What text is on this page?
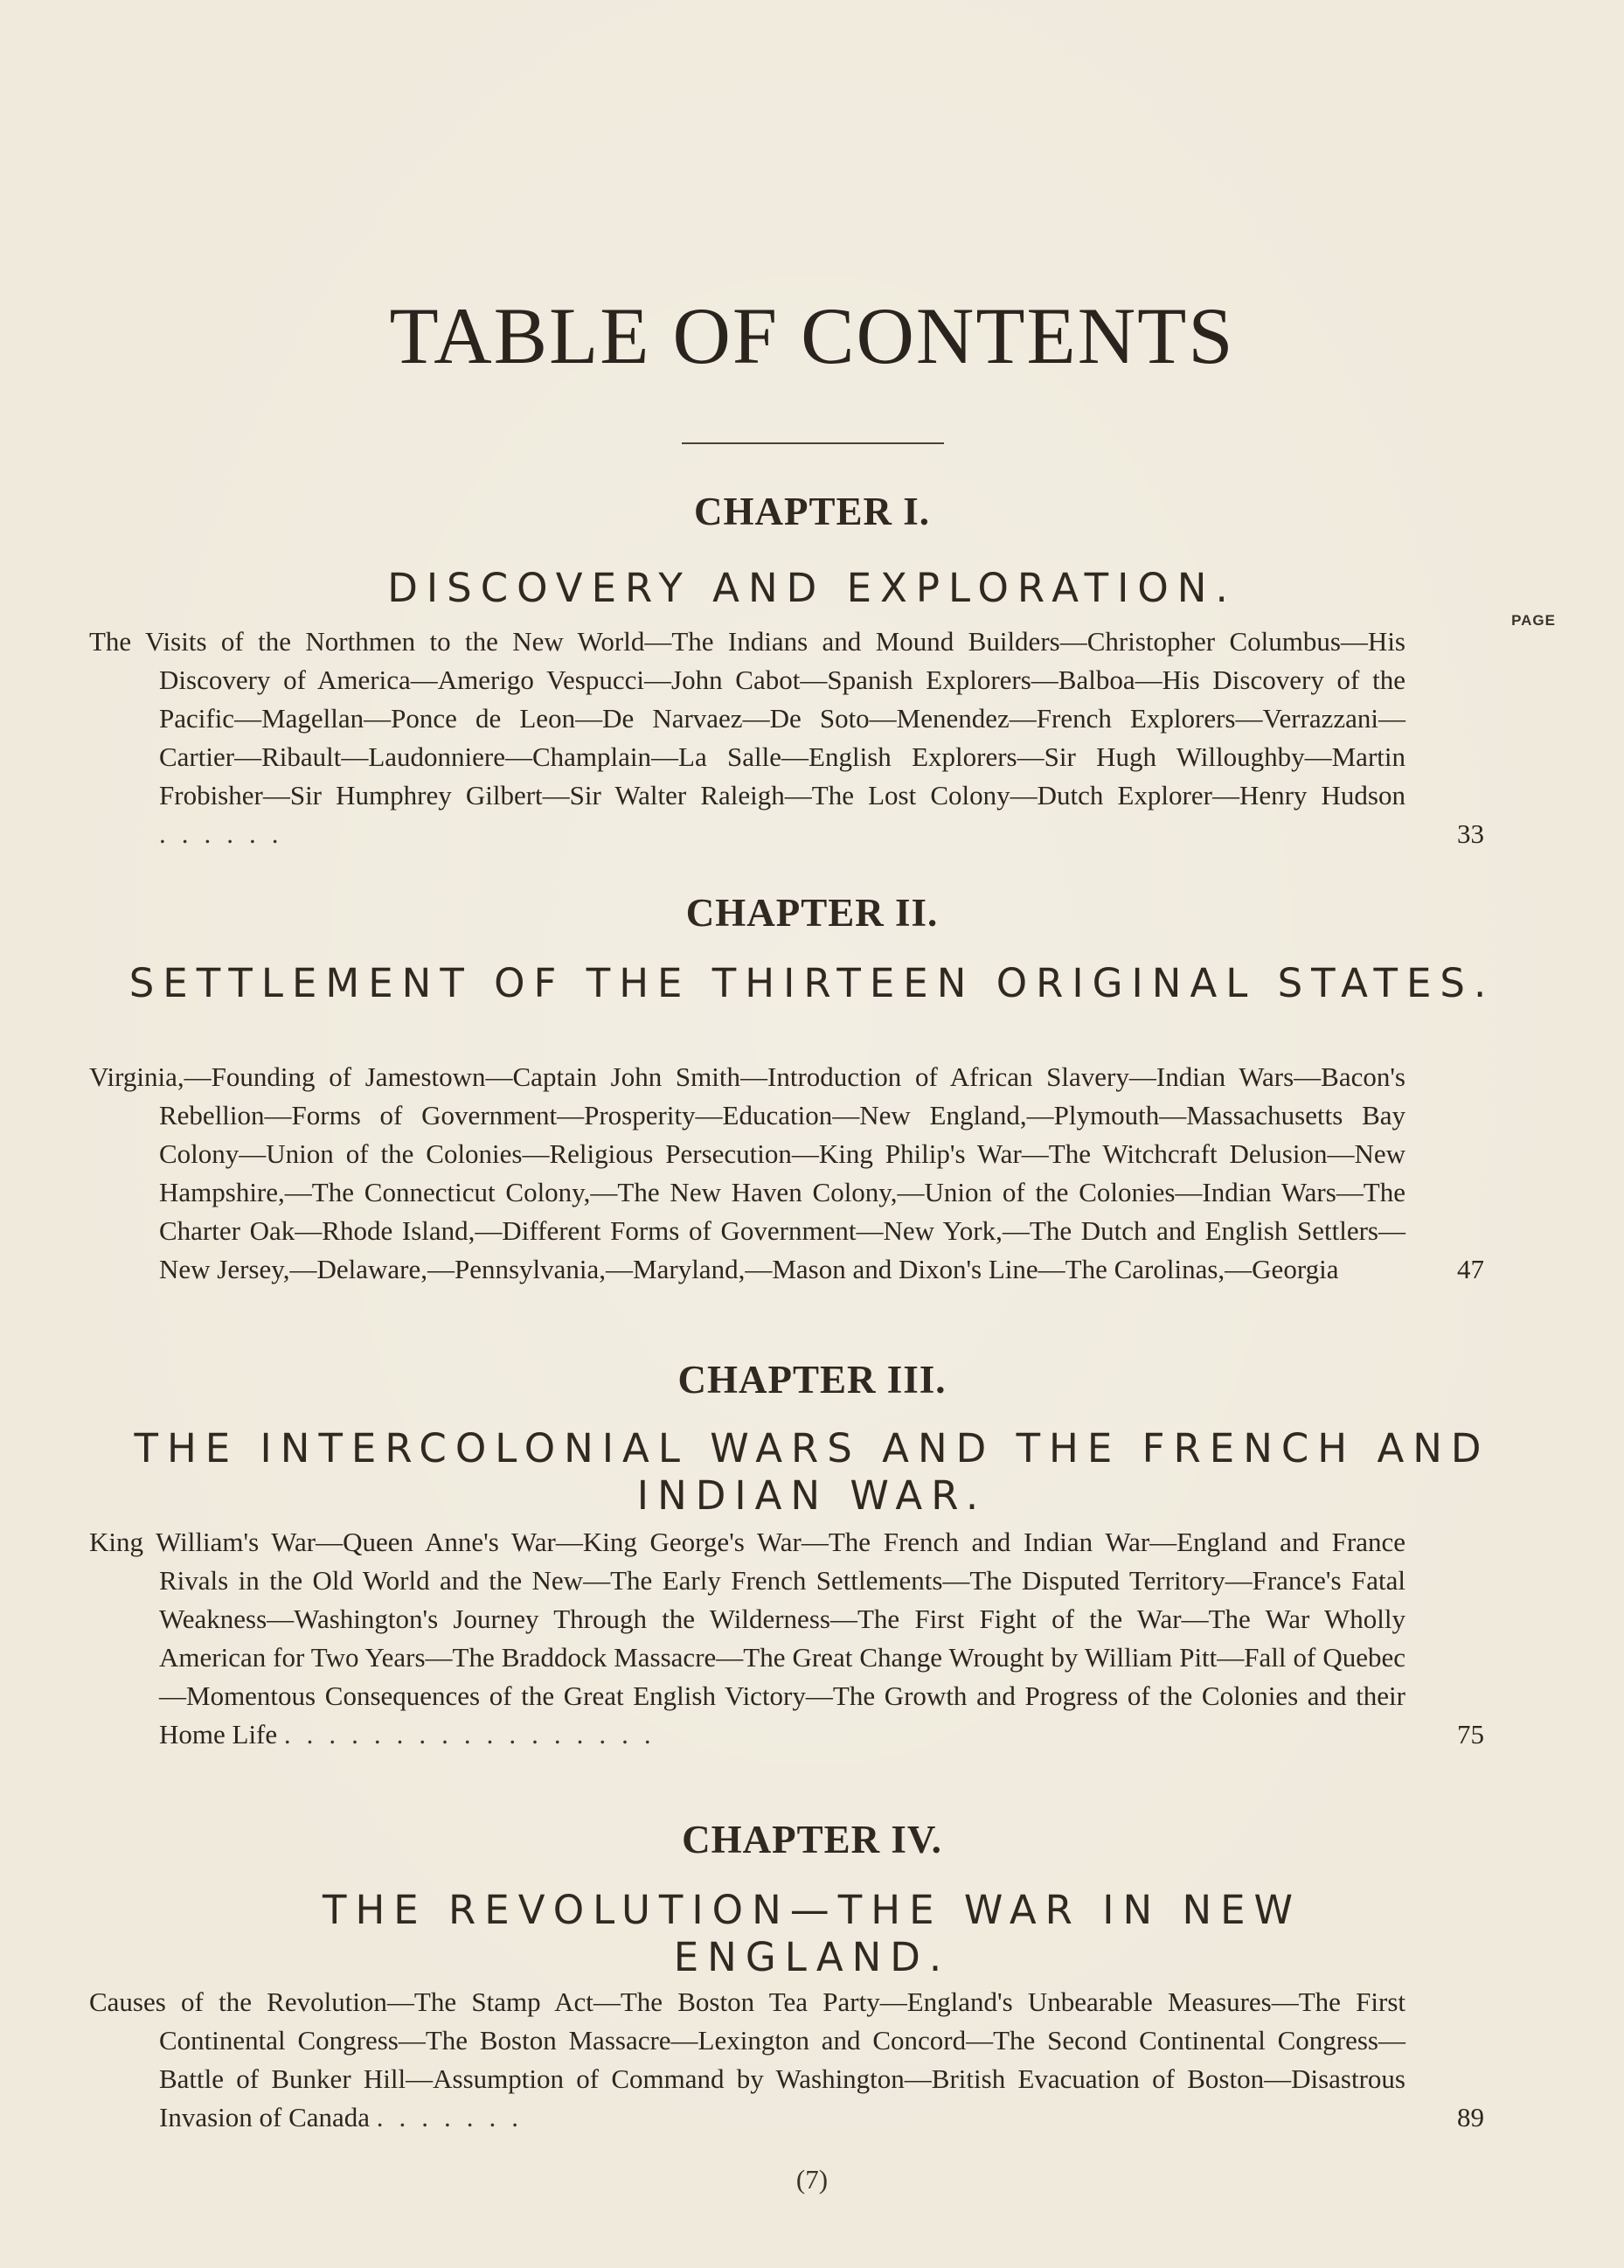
TABLE OF CONTENTS
CHAPTER I.
DISCOVERY AND EXPLORATION.
PAGE

The Visits of the Northmen to the New World—The Indians and Mound Builders—Christopher Columbus—His Discovery of America—Amerigo Vespucci—John Cabot—Spanish Explorers—Balboa—His Discovery of the Pacific—Magellan—Ponce de Leon—De Narvaez—De Soto—Menendez—French Explorers—Verrazzani—Cartier—Ribault—Laudonniere—Champlain—La Salle—English Explorers—Sir Hugh Willoughby—Martin Frobisher—Sir Humphrey Gilbert—Sir Walter Raleigh—The Lost Colony—Dutch Explorer—Henry Hudson ......	33
CHAPTER II.
SETTLEMENT OF THE THIRTEEN ORIGINAL STATES.

Virginia,—Founding of Jamestown—Captain John Smith—Introduction of African Slavery—Indian Wars—Bacon's Rebellion—Forms of Government—Prosperity—Education—New England,—Plymouth—Massachusetts Bay Colony—Union of the Colonies—Religious Persecution—King Philip's War—The Witchcraft Delusion—New Hampshire,—The Connecticut Colony,—The New Haven Colony,—Union of the Colonies—Indian Wars—The Charter Oak—Rhode Island,—Different Forms of Government—New York,—The Dutch and English Settlers—New Jersey,—Delaware,—Pennsylvania,—Maryland,—Mason and Dixon's Line—The Carolinas,—Georgia	47
CHAPTER III.
THE INTERCOLONIAL WARS AND THE FRENCH AND INDIAN WAR.

King William's War—Queen Anne's War—King George's War—The French and Indian War—England and France Rivals in the Old World and the New—The Early French Settlements—The Disputed Territory—France's Fatal Weakness—Washington's Journey Through the Wilderness—The First Fight of the War—The War Wholly American for Two Years—The Braddock Massacre—The Great Change Wrought by William Pitt—Fall of Quebec—Momentous Consequences of the Great English Victory—The Growth and Progress of the Colonies and their Home Life .................	75
CHAPTER IV.
THE REVOLUTION—THE WAR IN NEW ENGLAND.

Causes of the Revolution—The Stamp Act—The Boston Tea Party—England's Unbearable Measures—The First Continental Congress—The Boston Massacre—Lexington and Concord—The Second Continental Congress—Battle of Bunker Hill—Assumption of Command by Washington—British Evacuation of Boston—Disastrous Invasion of Canada .......	89
(7)
